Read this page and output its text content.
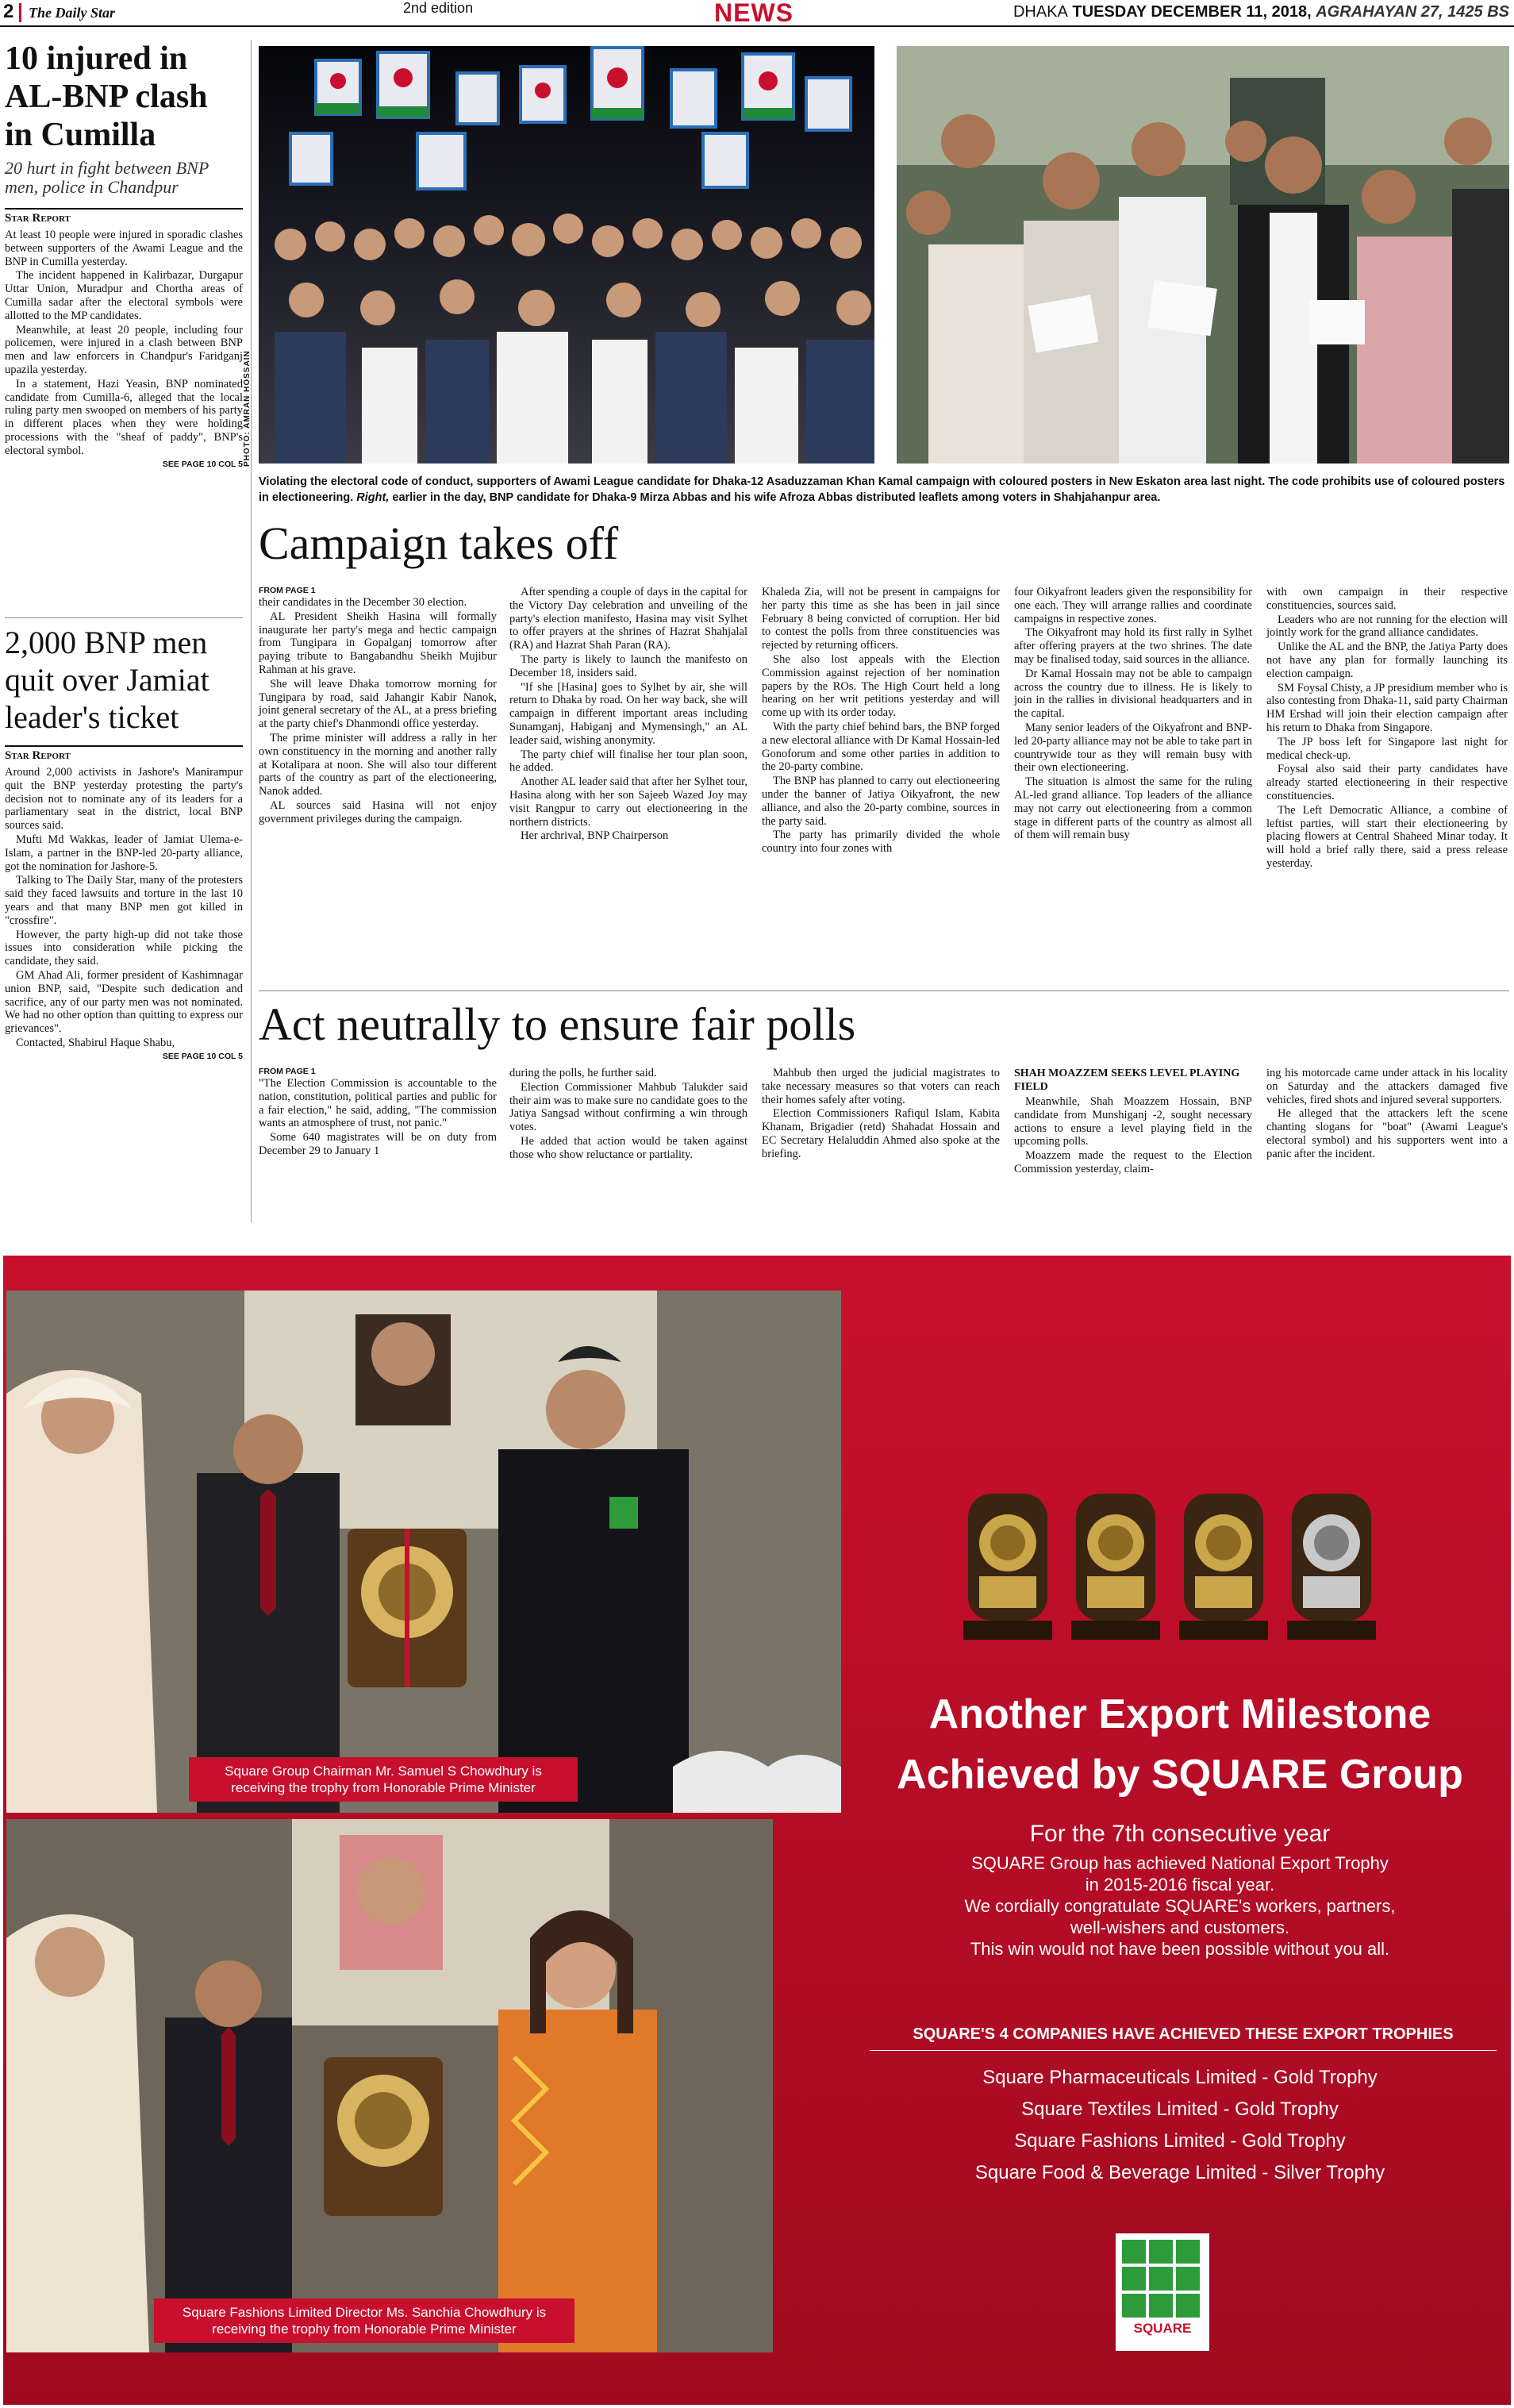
2 The Daily Star	2nd edition	NEWS	DHAKA TUESDAY DECEMBER 11, 2018, AGRAHAYAN 27, 1425 BS
10 injured in AL-BNP clash in Cumilla
20 hurt in fight between BNP men, police in Chandpur
Star Report

At least 10 people were injured in sporadic clashes between supporters of the Awami League and the BNP in Cumilla yesterday.

The incident happened in Kalirbazar, Durgapur Uttar Union, Muradpur and Chortha areas of Cumilla sadar after the electoral symbols were allotted to the MP candidates.

Meanwhile, at least 20 people, including four policemen, were injured in a clash between BNP men and law enforcers in Chandpur's Faridganj upazila yesterday.

In a statement, Hazi Yeasin, BNP nominated candidate from Cumilla-6, alleged that the local ruling party men swooped on members of his party in different places when they were holding processions with the "sheaf of paddy", BNP's electoral symbol.

SEE PAGE 10 COL 5
2,000 BNP men quit over Jamiat leader's ticket
Star Report

Around 2,000 activists in Jashore's Manirampur quit the BNP yesterday protesting the party's decision not to nominate any of its leaders for a parliamentary seat in the district, local BNP sources said.

Mufti Md Wakkas, leader of Jamiat Ulema-e-Islam, a partner in the BNP-led 20-party alliance, got the nomination for Jashore-5.

Talking to The Daily Star, many of the protesters said they faced lawsuits and torture in the last 10 years and that many BNP men got killed in "crossfire".

However, the party high-up did not take those issues into consideration while picking the candidate, they said.

GM Ahad Ali, former president of Kashimnagar union BNP, said, "Despite such dedication and sacrifice, any of our party men was not nominated. We had no other option than quitting to express our grievances".

Contacted, Shabirul Haque Shabu,

SEE PAGE 10 COL 5
PHOTO: AMRAN HOSSAIN
Violating the electoral code of conduct, supporters of Awami League candidate for Dhaka-12 Asaduzzaman Khan Kamal campaign with coloured posters in New Eskaton area last night. The code prohibits use of coloured posters in electioneering. Right, earlier in the day, BNP candidate for Dhaka-9 Mirza Abbas and his wife Afroza Abbas distributed leaflets among voters in Shahjahanpur area.
Campaign takes off
FROM PAGE 1

their candidates in the December 30 election.

AL President Sheikh Hasina will formally inaugurate her party's mega and hectic campaign from Tungipara in Gopalganj tomorrow after paying tribute to Bangabandhu Sheikh Mujibur Rahman at his grave.

She will leave Dhaka tomorrow morning for Tungipara by road, said Jahangir Kabir Nanok, joint general secretary of the AL, at a press briefing at the party chief's Dhanmondi office yesterday.

The prime minister will address a rally in her own constituency in the morning and another rally at Kotalipara at noon. She will also tour different parts of the country as part of the electioneering, Nanok added.

AL sources said Hasina will not enjoy government privileges during the campaign.

After spending a couple of days in the capital for the Victory Day celebration and unveiling of the party's election manifesto, Hasina may visit Sylhet to offer prayers at the shrines of Hazrat Shahjalal (RA) and Hazrat Shah Paran (RA).

The party is likely to launch the manifesto on December 18, insiders said.

"If she [Hasina] goes to Sylhet by air, she will return to Dhaka by road. On her way back, she will campaign in different important areas including Sunamganj, Habiganj and Mymensingh," an AL leader said, wishing anonymity.

The party chief will finalise her tour plan soon, he added.

Another AL leader said that after her Sylhet tour, Hasina along with her son Sajeeb Wazed Joy may visit Rangpur to carry out electioneering in the northern districts.

Her archrival, BNP Chairperson

Khaleda Zia, will not be present in campaigns for her party this time as she has been in jail since February 8 being convicted of corruption. Her bid to contest the polls from three constituencies was rejected by returning officers.

She also lost appeals with the Election Commission against rejection of her nomination papers by the ROs. The High Court held a long hearing on her writ petitions yesterday and will come up with its order today.

With the party chief behind bars, the BNP forged a new electoral alliance with Dr Kamal Hossain-led Gonoforum and some other parties in addition to the 20-party combine.

The BNP has planned to carry out electioneering under the banner of Jatiya Oikyafront, the new alliance, and also the 20-party combine, sources in the party said.

The party has primarily divided the whole country into four zones with

four Oikyafront leaders given the responsibility for one each. They will arrange rallies and coordinate campaigns in respective zones.

The Oikyafront may hold its first rally in Sylhet after offering prayers at the two shrines. The date may be finalised today, said sources in the alliance.

Dr Kamal Hossain may not be able to campaign across the country due to illness. He is likely to join in the rallies in divisional headquarters and in the capital.

Many senior leaders of the Oikyafront and BNP-led 20-party alliance may not be able to take part in countrywide tour as they will remain busy with their own electioneering.

The situation is almost the same for the ruling AL-led grand alliance. Top leaders of the alliance may not carry out electioneering from a common stage in different parts of the country as almost all of them will remain busy

with own campaign in their respective constituencies, sources said.

Leaders who are not running for the election will jointly work for the grand alliance candidates.

Unlike the AL and the BNP, the Jatiya Party does not have any plan for formally launching its election campaign.

SM Foysal Chisty, a JP presidium member who is also contesting from Dhaka-11, said party Chairman HM Ershad will join their election campaign after his return to Dhaka from Singapore.

The JP boss left for Singapore last night for medical check-up.

Foysal also said their party candidates have already started electioneering in their respective constituencies.

The Left Democratic Alliance, a combine of leftist parties, will start their electioneering by placing flowers at Central Shaheed Minar today. It will hold a brief rally there, said a press release yesterday.

Act neutrally to ensure fair polls
FROM PAGE 1

"The Election Commission is accountable to the nation, constitution, political parties and public for a fair election," he said, adding, "The commission wants an atmosphere of trust, not panic."

Some 640 magistrates will be on duty from December 29 to January 1

during the polls, he further said.

Election Commissioner Mahbub Talukder said their aim was to make sure no candidate goes to the Jatiya Sangsad without confirming a win through votes.

He added that action would be taken against those who show reluctance or partiality.

Mahbub then urged the judicial magistrates to take necessary measures so that voters can reach their homes safely after voting.

Election Commissioners Rafiqul Islam, Kabita Khanam, Brigadier (retd) Shahadat Hossain and EC Secretary Helaluddin Ahmed also spoke at the briefing.

SHAH MOAZZEM SEEKS LEVEL PLAYING FIELD

Meanwhile, Shah Moazzem Hossain, BNP candidate from Munshiganj -2, sought necessary actions to ensure a level playing field in the upcoming polls.

Moazzem made the request to the Election Commission yesterday, claim-

ing his motorcade came under attack in his locality on Saturday and the attackers damaged five vehicles, fired shots and injured several supporters.

He alleged that the attackers left the scene chanting slogans for "boat" (Awami League's electoral symbol) and his supporters went into a panic after the incident.

Square Group Chairman Mr. Samuel S Chowdhury is receiving the trophy from Honorable Prime Minister
Square Fashions Limited Director Ms. Sanchia Chowdhury is receiving the trophy from Honorable Prime Minister
Another Export Milestone
Achieved by SQUARE Group
For the 7th consecutive year
SQUARE Group has achieved National Export Trophy
in 2015-2016 fiscal year.
We cordially congratulate SQUARE's workers, partners,
well-wishers and customers.
This win would not have been possible without you all.
SQUARE'S 4 COMPANIES HAVE ACHIEVED THESE EXPORT TROPHIES
Square Pharmaceuticals Limited - Gold Trophy
Square Textiles Limited - Gold Trophy
Square Fashions Limited - Gold Trophy
Square Food & Beverage Limited - Silver Trophy
SQUARE
